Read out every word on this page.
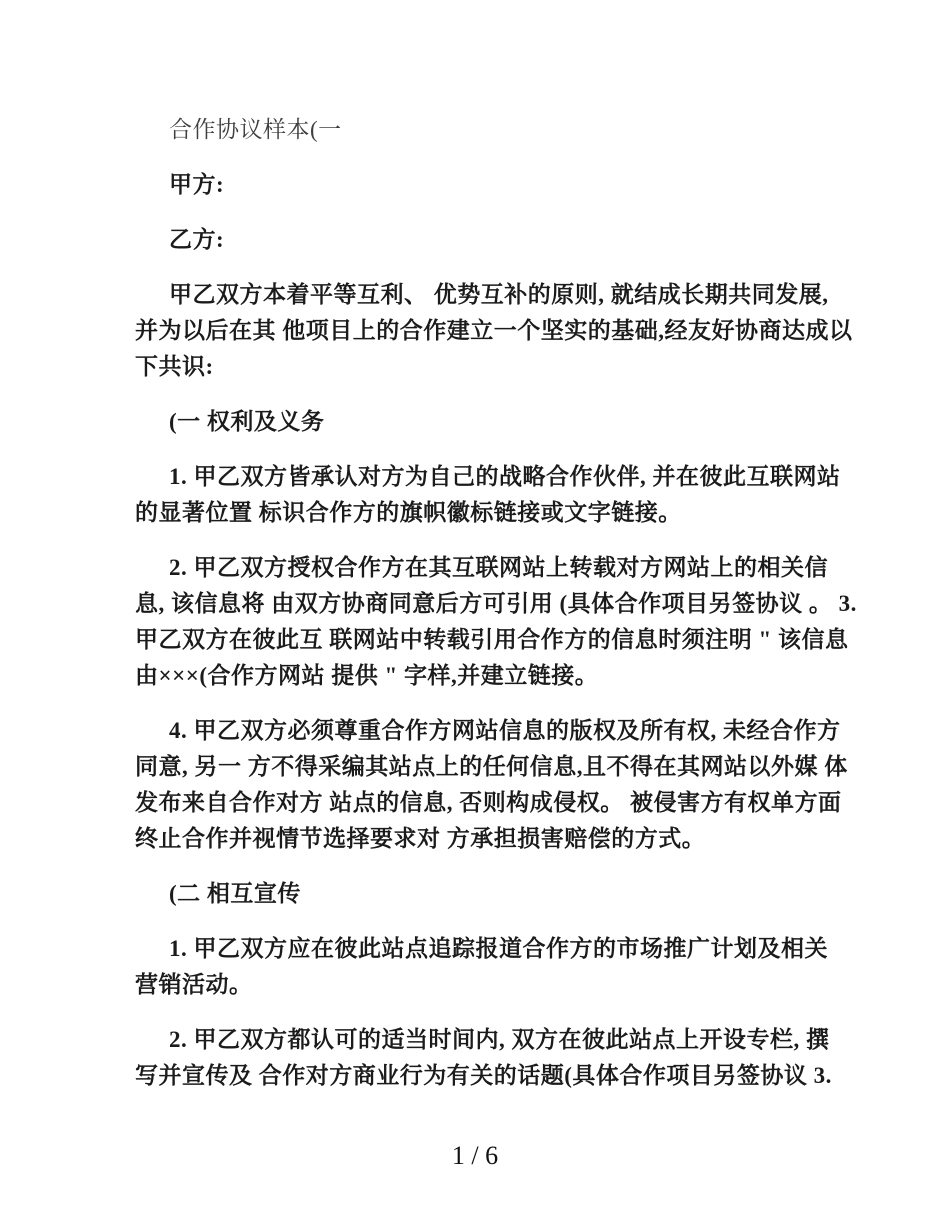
合作协议样本(一
甲方:
乙方:
甲乙双方本着平等互利、 优势互补的原则, 就结成长期共同发展,
并为以后在其 他项目上的合作建立一个坚实的基础,经友好协商达成以
下共识:
(一 权利及义务
1. 甲乙双方皆承认对方为自己的战略合作伙伴, 并在彼此互联网站
的显著位置 标识合作方的旗帜徽标链接或文字链接。
2. 甲乙双方授权合作方在其互联网站上转载对方网站上的相关信
息, 该信息将 由双方协商同意后方可引用 (具体合作项目另签协议 。 3.
甲乙双方在彼此互 联网站中转载引用合作方的信息时须注明 " 该信息
由×××(合作方网站 提供 " 字样,并建立链接。
4. 甲乙双方必须尊重合作方网站信息的版权及所有权, 未经合作方
同意, 另一 方不得采编其站点上的任何信息,且不得在其网站以外媒 体
发布来自合作对方 站点的信息, 否则构成侵权。 被侵害方有权单方面
终止合作并视情节选择要求对 方承担损害赔偿的方式。
(二 相互宣传
1. 甲乙双方应在彼此站点追踪报道合作方的市场推广计划及相关
营销活动。
2. 甲乙双方都认可的适当时间内, 双方在彼此站点上开设专栏, 撰
写并宣传及 合作对方商业行为有关的话题(具体合作项目另签协议 3.
1 / 6
